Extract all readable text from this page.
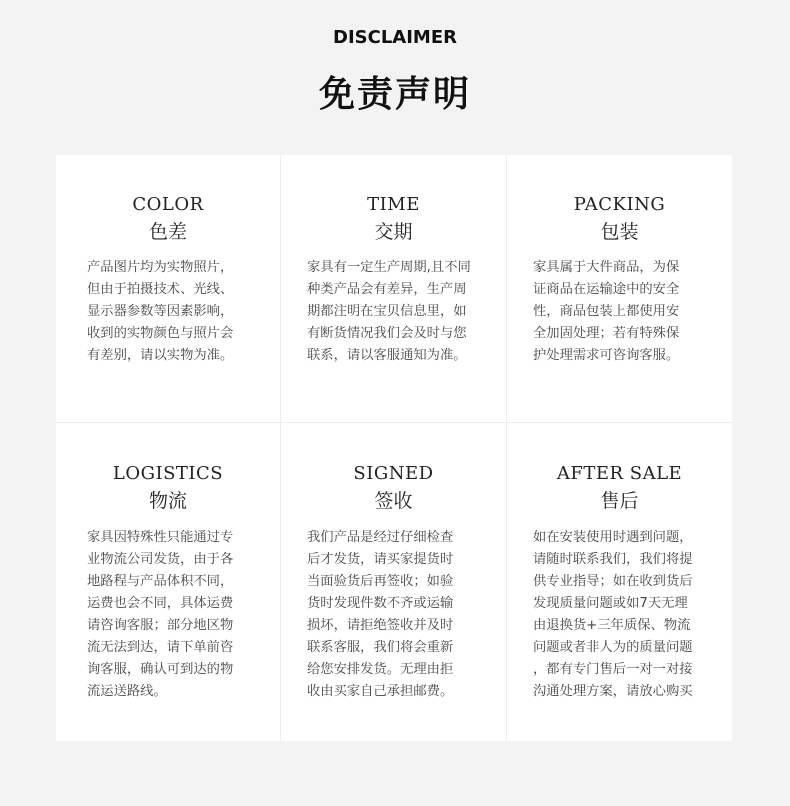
DISCLAIMER
免责声明
COLOR
色差
产品图片均为实物照片，
但由于拍摄技术、光线、
显示器参数等因素影响，
收到的实物颜色与照片会
有差别，请以实物为准。
TIME
交期
家具有一定生产周期,且不同
种类产品会有差异，生产周
期都注明在宝贝信息里，如
有断货情况我们会及时与您
联系，请以客服通知为准。
PACKING
包装
家具属于大件商品，为保
证商品在运输途中的安全
性，商品包装上都使用安
全加固处理；若有特殊保
护处理需求可咨询客服。
LOGISTICS
物流
家具因特殊性只能通过专
业物流公司发货，由于各
地路程与产品体积不同，
运费也会不同，具体运费
请咨询客服；部分地区物
流无法到达，请下单前咨
询客服，确认可到达的物
流运送路线。
SIGNED
签收
我们产品是经过仔细检查
后才发货，请买家提货时
当面验货后再签收；如验
货时发现件数不齐或运输
损坏，请拒绝签收并及时
联系客服，我们将会重新
给您安排发货。无理由拒
收由买家自己承担邮费。
AFTER SALE
售后
如在安装使用时遇到问题，
请随时联系我们，我们将提
供专业指导；如在收到货后
发现质量问题或如7天无理
由退换货+三年质保、物流
问题或者非人为的质量问题
，都有专门售后一对一对接
沟通处理方案，请放心购买
